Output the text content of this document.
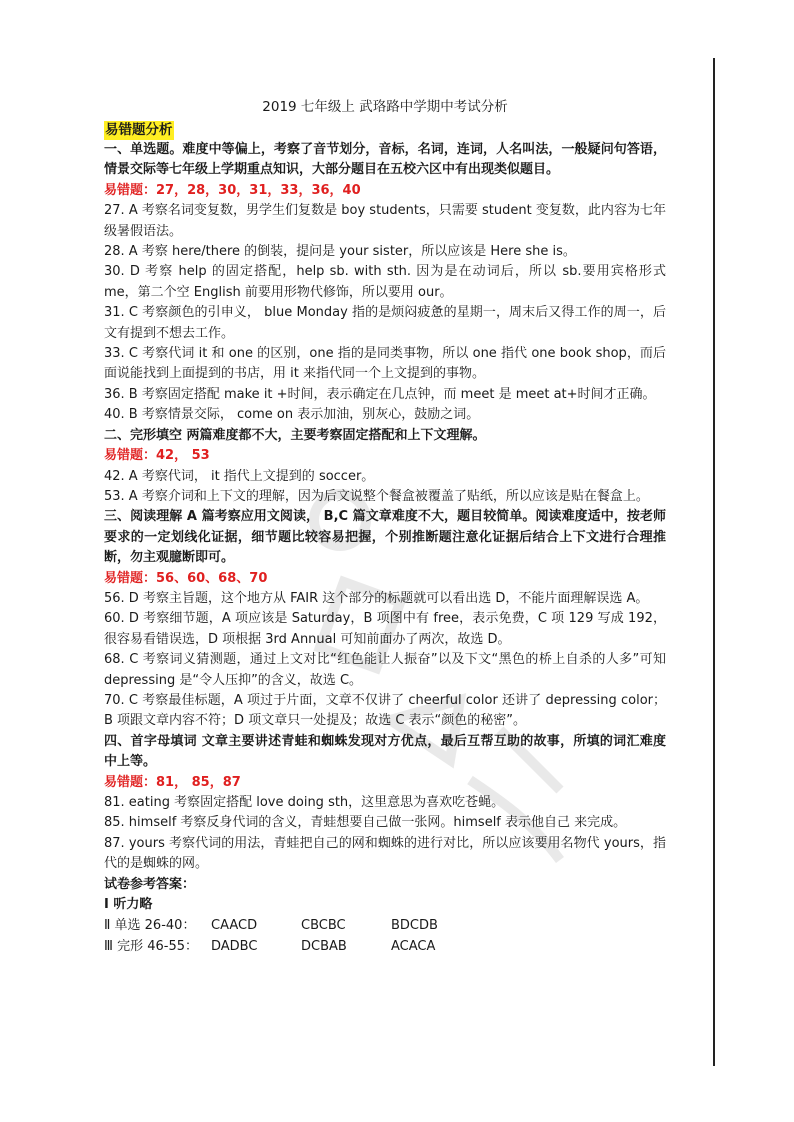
2019 七年级上 武珞路中学期中考试分析
易错题分析

一、单选题。难度中等偏上，考察了音节划分，音标，名词，连词，人名叫法，一般疑问句答语，情景交际等七年级上学期重点知识，大部分题目在五校六区中有出现类似题目。

易错题：27，28，30，31，33，36，40

27. A 考察名词变复数，男学生们复数是 boy students，只需要 student 变复数，此内容为七年级暑假语法。

28. A 考察 here/there 的倒装，提问是 your sister，所以应该是 Here she is。

30. D 考察 help 的固定搭配，help sb. with sth. 因为是在动词后，所以 sb.要用宾格形式 me，第二个空 English 前要用形物代修饰，所以要用 our。

31. C 考察颜色的引申义， blue Monday 指的是烦闷疲惫的星期一，周末后又得工作的周一，后文有提到不想去工作。

33. C 考察代词 it 和 one 的区别，one 指的是同类事物，所以 one 指代 one book shop，而后面说能找到上面提到的书店，用 it 来指代同一个上文提到的事物。

36. B 考察固定搭配 make it +时间，表示确定在几点钟，而 meet 是 meet at+时间才正确。

40. B 考察情景交际， come on 表示加油，别灰心，鼓励之词。

二、完形填空 两篇难度都不大，主要考察固定搭配和上下文理解。

易错题：42， 53

42. A 考察代词， it 指代上文提到的 soccer。

53. A 考察介词和上下文的理解，因为后文说整个餐盒被覆盖了贴纸，所以应该是贴在餐盒上。

三、阅读理解 A 篇考察应用文阅读， B,C 篇文章难度不大，题目较简单。阅读难度适中，按老师要求的一定划线化证据，细节题比较容易把握，个别推断题注意化证据后结合上下文进行合理推断，勿主观臆断即可。

易错题：56、60、68、70

56. D 考察主旨题，这个地方从 FAIR 这个部分的标题就可以看出选 D，不能片面理解误选 A。

60. D 考察细节题，A 项应该是 Saturday，B 项图中有 free，表示免费，C 项 129 写成 192，很容易看错误选，D 项根据 3rd Annual 可知前面办了两次，故选 D。

68. C 考察词义猜测题，通过上文对比“红色能让人振奋”以及下文“黑色的桥上自杀的人多”可知 depressing 是“令人压抑”的含义，故选 C。

70. C 考察最佳标题，A 项过于片面，文章不仅讲了 cheerful color 还讲了 depressing color；B 项跟文章内容不符；D 项文章只一处提及；故选 C 表示“颜色的秘密”。

四、首字母填词 文章主要讲述青蛙和蜘蛛发现对方优点，最后互帮互助的故事，所填的词汇难度中上等。

易错题：81， 85，87

81. eating 考察固定搭配 love doing sth，这里意思为喜欢吃苍蝇。

85. himself 考察反身代词的含义，青蛙想要自己做一张网。himself 表示他自己 来完成。

87. yours 考察代词的用法，青蛙把自己的网和蜘蛛的进行对比，所以应该要用名物代 yours，指代的是蜘蛛的网。

试卷参考答案：

I 听力略

Ⅱ 单选 26-40：	CAACD	CBCBC	BDCDB
Ⅲ 完形 46-55： DADBC	DCBAB	ACACA
